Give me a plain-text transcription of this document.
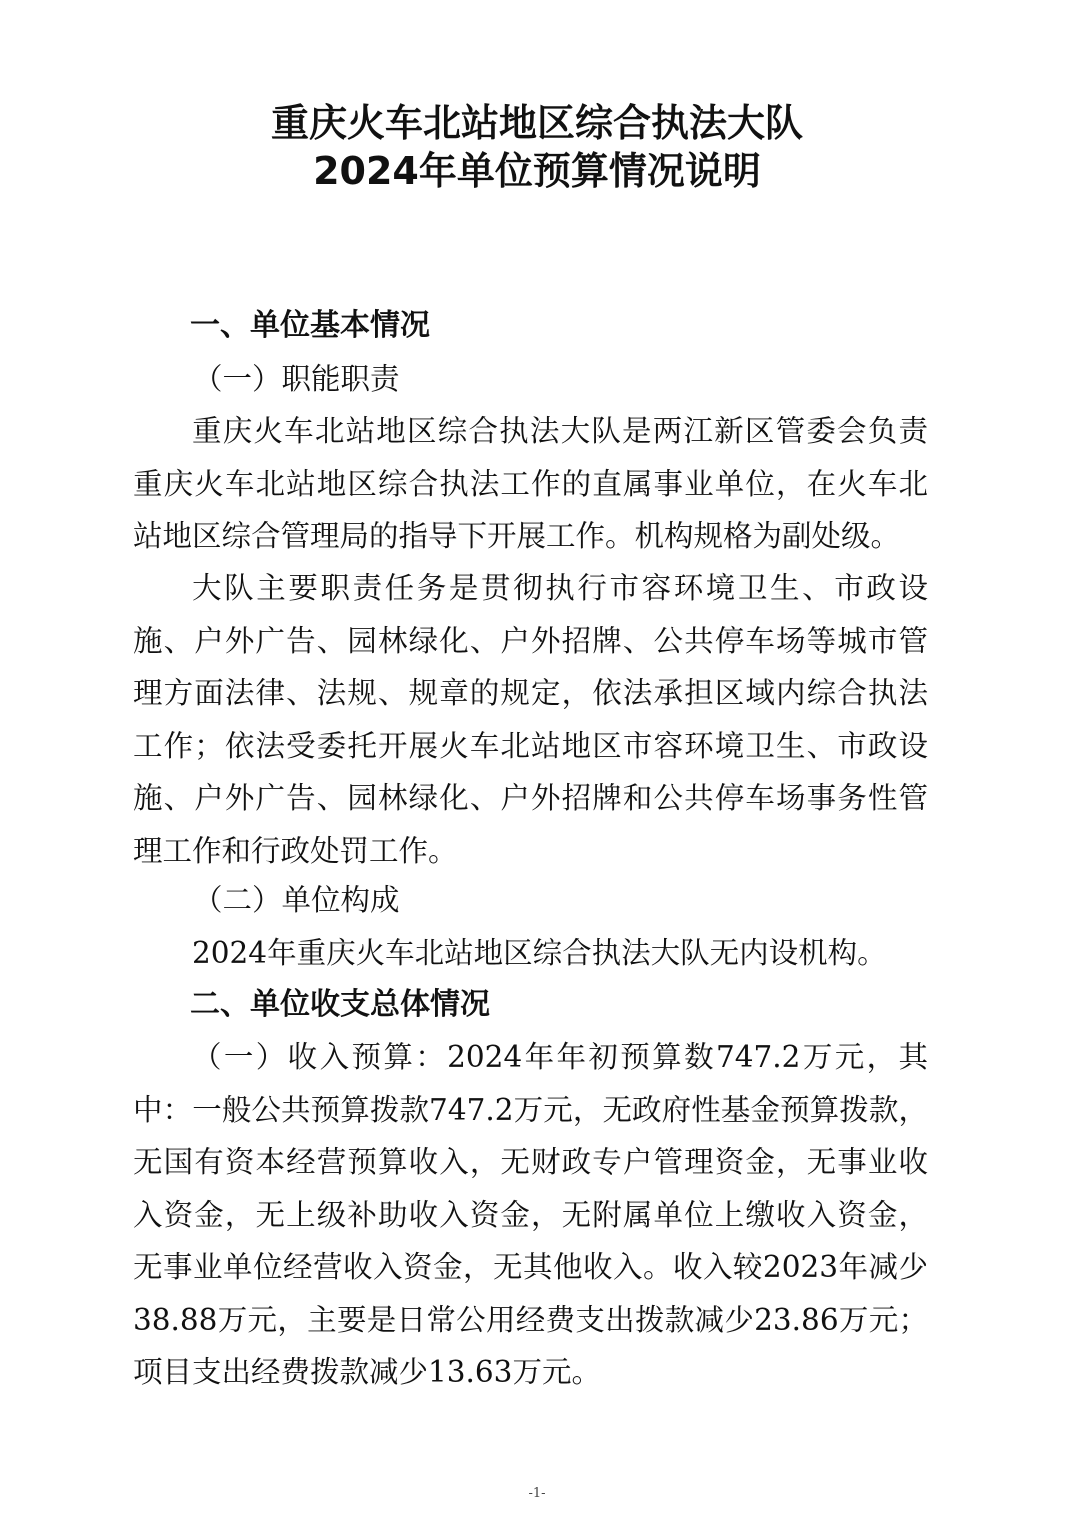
重庆火车北站地区综合执法大队
2024年单位预算情况说明
一、单位基本情况

（一）职能职责

重庆火车北站地区综合执法大队是两江新区管委会负责重庆火车北站地区综合执法工作的直属事业单位，在火车北站地区综合管理局的指导下开展工作。机构规格为副处级。

大队主要职责任务是贯彻执行市容环境卫生、市政设施、户外广告、园林绿化、户外招牌、公共停车场等城市管理方面法律、法规、规章的规定，依法承担区域内综合执法工作；依法受委托开展火车北站地区市容环境卫生、市政设施、户外广告、园林绿化、户外招牌和公共停车场事务性管理工作和行政处罚工作。

（二）单位构成

2024年重庆火车北站地区综合执法大队无内设机构。

二、单位收支总体情况

（一）收入预算：2024年年初预算数747.2万元，其中：一般公共预算拨款747.2万元，无政府性基金预算拨款，无国有资本经营预算收入，无财政专户管理资金，无事业收入资金，无上级补助收入资金，无附属单位上缴收入资金，无事业单位经营收入资金，无其他收入。收入较2023年减少38.88万元，主要是日常公用经费支出拨款减少23.86万元；项目支出经费拨款减少13.63万元。

-1-
